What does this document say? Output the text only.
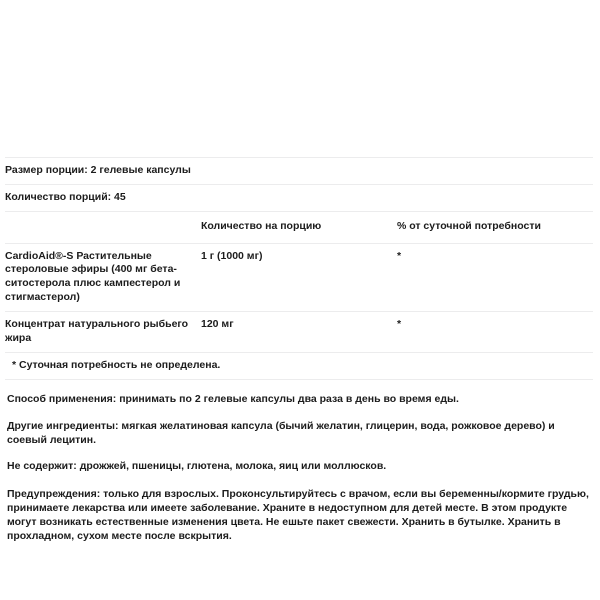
Размер порции: 2 гелевые капсулы		
Количество порций: 45		
	Количество на порцию	% от суточной потребности
CardioAid®-S Растительные стероловые эфиры (400 мг бета-ситостерола плюс кампестерол и стигмастерол)	1 г (1000 мг)	*
Концентрат натурального рыбьего жира	120 мг	*
* Суточная потребность не определена.		

Способ применения: принимать по 2 гелевые капсулы два раза в день во время еды.

Другие ингредиенты: мягкая желатиновая капсула (бычий желатин, глицерин, вода, рожковое дерево) и соевый лецитин.

Не содержит: дрожжей, пшеницы, глютена, молока, яиц или моллюсков.

Предупреждения: только для взрослых. Проконсультируйтесь с врачом, если вы беременны/кормите грудью, принимаете лекарства или имеете заболевание. Храните в недоступном для детей месте. В этом продукте могут возникать естественные изменения цвета. Не ешьте пакет свежести. Хранить в бутылке. Хранить в прохладном, сухом месте после вскрытия.
